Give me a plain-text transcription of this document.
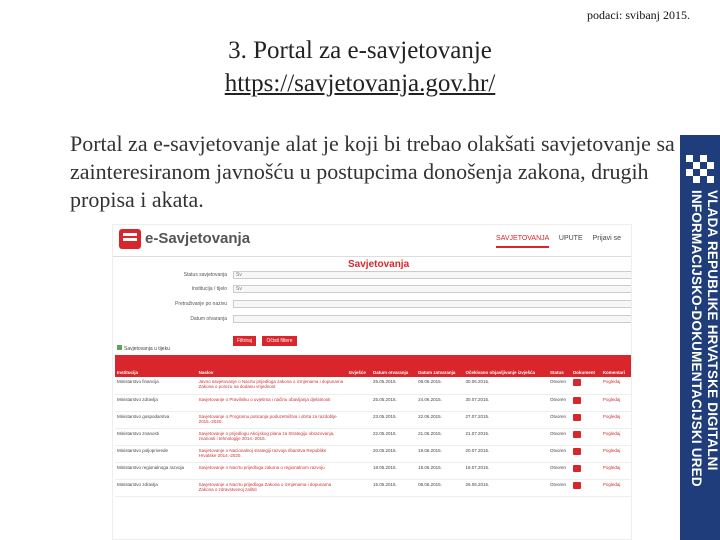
podaci: svibanj 2015.
3. Portal za e-savjetovanje
https://savjetovanja.gov.hr/
Portal za e-savjetovanje alat je koji bi trebao olakšati savjetovanje sa zainteresiranom javnošću u postupcima donošenja zakona, drugih propisa i akata.	VLADA REPUBLIKE HRVATSKE DIGITALNI INFORMACIJSKO-DOKUMENTACIJSKI URED
e-Savjetovanja	SAVJETOVANJA UPUTE Prijavi se
Savjetovanja
Status savjetovanja	Sv
Institucija / tijelo	Sv
Pretraživanje po nazivu
Datum otvaranja
Filtriraj	Očisti filtere
Savjetovanja u tijeku
Institucija	Naslov	Izvješće	Datum otvaranja	Datum zatvaranja	Očekivano objavljivanje izvješća	Status	Dokument	Komentari
Ministarstvo financija	Javno savjetovanje o Nacrtu prijedloga zakona o izmjenama i dopunama Zakona o porezu na dodanu vrijednost		25.05.2015.	08.06.2015.	30.06.2015.	Otvoren		Pogledaj
Ministarstvo zdravlja	Savjetovanje o Pravilniku o uvjetima i načinu obavljanja djelatnosti		25.05.2015.	24.06.2015.	30.07.2015.	Otvoren		Pogledaj
Ministarstvo gospodarstva	Savjetovanje o Programu poticanja poduzetništva i obrta za razdoblje 2015.-2020.		23.05.2015.	22.06.2015.	27.07.2015.	Otvoren		Pogledaj
Ministarstvo znanosti	Savjetovanje o prijedlogu Akcijskog plana za Strategiju obrazovanja, znanosti i tehnologije 2014.-2015.		22.05.2015.	21.06.2015.	21.07.2015.	Otvoren		Pogledaj
Ministarstvo poljoprivrede	Savjetovanje o Nacionalnoj strategiji razvoja ribarstva Republike Hrvatske 2014.-2020.		20.05.2015.	19.06.2015.	20.07.2015.	Otvoren		Pogledaj
Ministarstvo regionalnoga razvoja	Savjetovanje o Nacrtu prijedloga zakona o regionalnom razvoju		18.05.2015.	18.06.2015.	18.07.2015.	Otvoren		Pogledaj
Ministarstvo zdravlja	Savjetovanje o Nacrtu prijedloga Zakona o izmjenama i dopunama Zakona o zdravstvenoj zaštiti		15.05.2015.	08.06.2015.	26.06.2015.	Otvoren		Pogledaj
